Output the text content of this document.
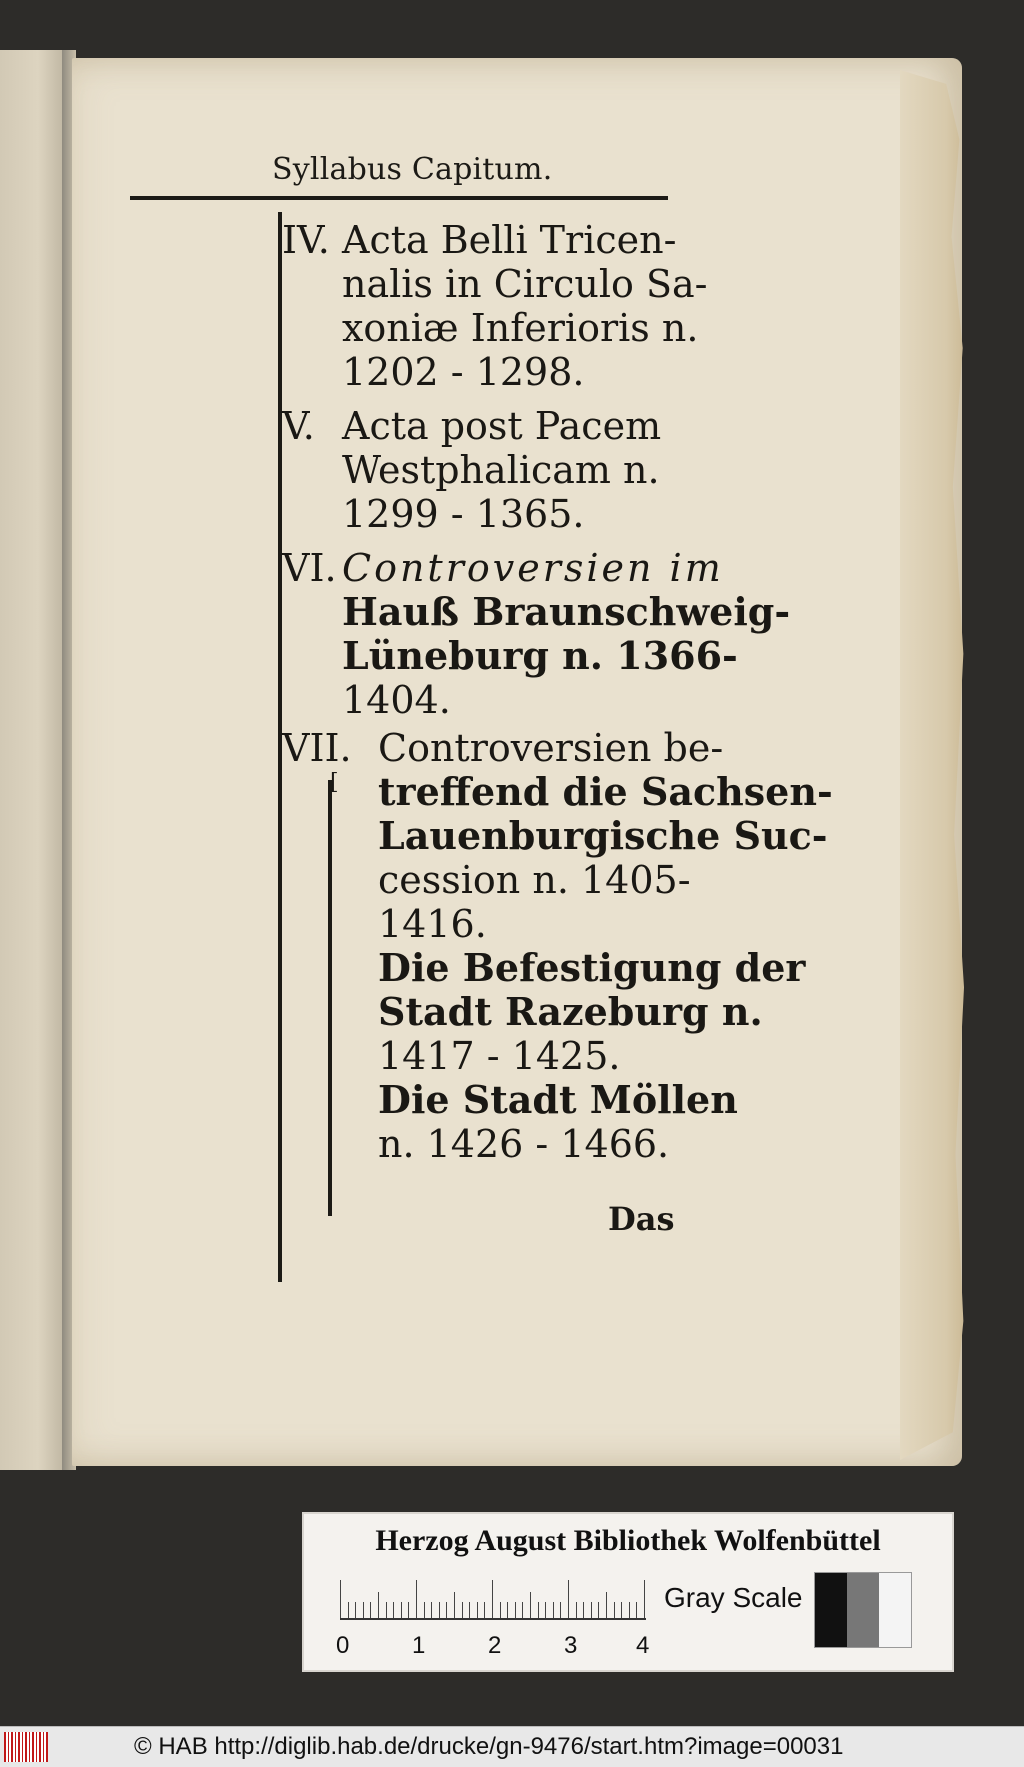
Syllabus Capitum.
[
IV. Acta Belli Tricen-
nalis in Circulo Sa-
xoniæ Inferioris n.
1202 - 1298.
V. Acta post Pacem
Westphalicam n.
1299 - 1365.
VI. Controversien im
Hauß Braunschweig-
Lüneburg n. 1366-
1404.
VII. Controversien be-
treffend die Sachsen-
Lauenburgische Suc-
cession n. 1405-
1416.
Die Befestigung der
Stadt Razeburg n.
1417 - 1425.
Die Stadt Möllen
n. 1426 - 1466.
Das
Herzog August Bibliothek Wolfenbüttel
0	1	2	3 4
Gray Scale
© HAB http://diglib.hab.de/drucke/gn-9476/start.htm?image=00031
